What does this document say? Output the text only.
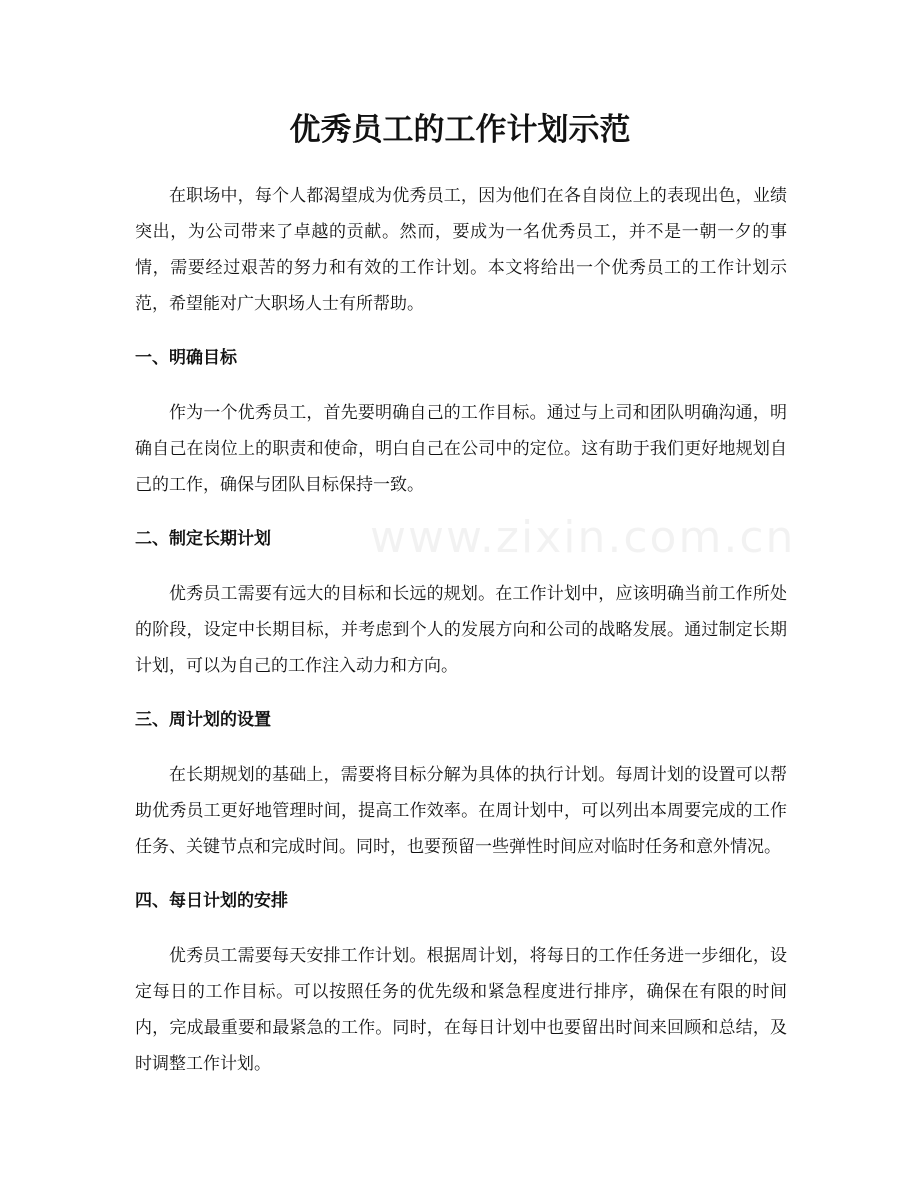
www.zixin.com.cn
优秀员工的工作计划示范

在职场中，每个人都渴望成为优秀员工，因为他们在各自岗位上的表现出色，业绩突出，为公司带来了卓越的贡献。然而，要成为一名优秀员工，并不是一朝一夕的事情，需要经过艰苦的努力和有效的工作计划。本文将给出一个优秀员工的工作计划示范，希望能对广大职场人士有所帮助。

一、明确目标

作为一个优秀员工，首先要明确自己的工作目标。通过与上司和团队明确沟通，明确自己在岗位上的职责和使命，明白自己在公司中的定位。这有助于我们更好地规划自己的工作，确保与团队目标保持一致。

二、制定长期计划

优秀员工需要有远大的目标和长远的规划。在工作计划中，应该明确当前工作所处的阶段，设定中长期目标，并考虑到个人的发展方向和公司的战略发展。通过制定长期计划，可以为自己的工作注入动力和方向。

三、周计划的设置

在长期规划的基础上，需要将目标分解为具体的执行计划。每周计划的设置可以帮助优秀员工更好地管理时间，提高工作效率。在周计划中，可以列出本周要完成的工作任务、关键节点和完成时间。同时，也要预留一些弹性时间应对临时任务和意外情况。

四、每日计划的安排

优秀员工需要每天安排工作计划。根据周计划，将每日的工作任务进一步细化，设定每日的工作目标。可以按照任务的优先级和紧急程度进行排序，确保在有限的时间内，完成最重要和最紧急的工作。同时，在每日计划中也要留出时间来回顾和总结，及时调整工作计划。
